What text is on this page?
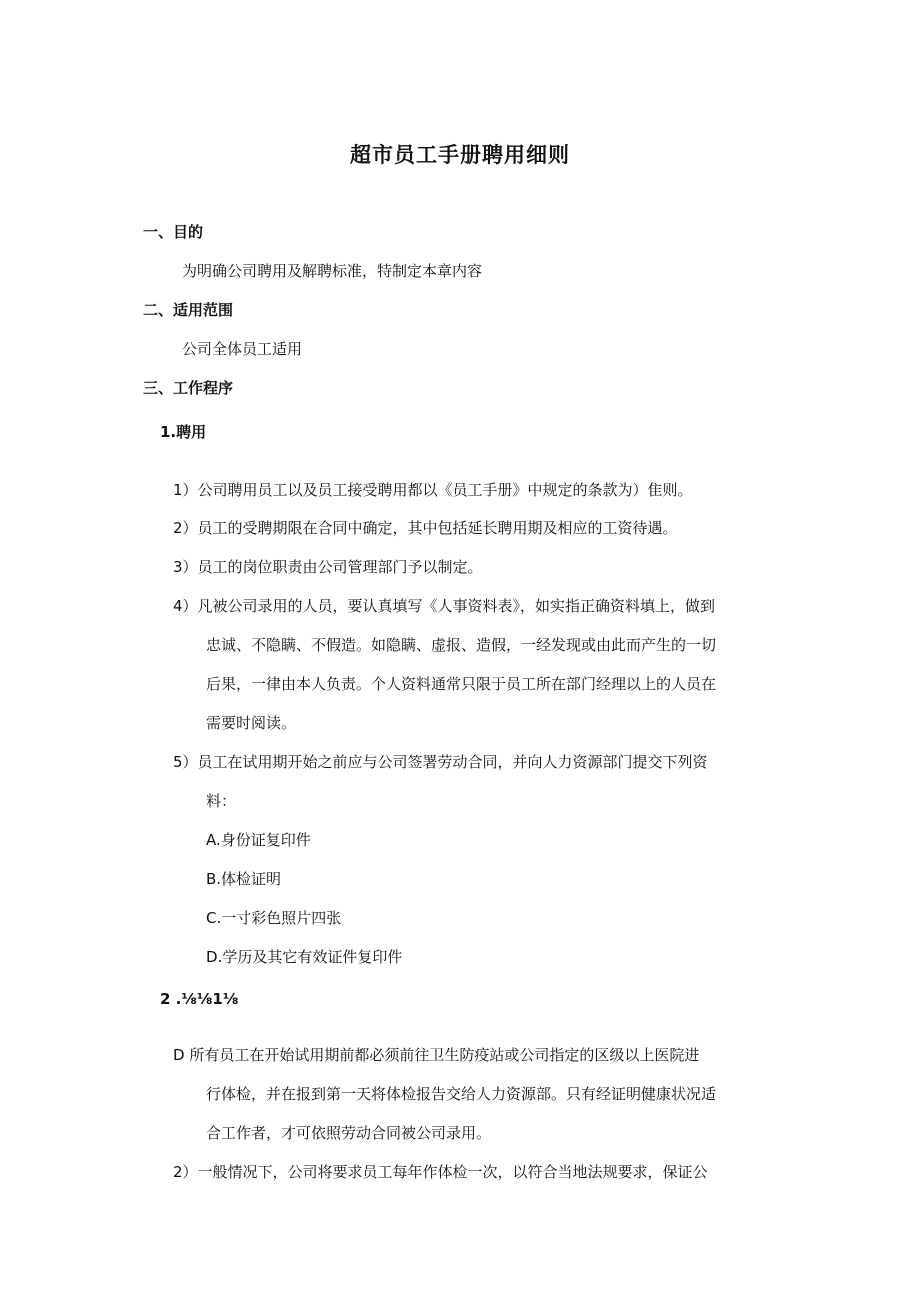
超市员工手册聘用细则
一、目的
为明确公司聘用及解聘标准，特制定本章内容
二、适用范围
公司全体员工适用
三、工作程序
1.聘用
1）公司聘用员工以及员工接受聘用都以《员工手册》中规定的条款为）隹则。
2）员工的受聘期限在合同中确定，其中包括延长聘用期及相应的工资待遇。
3）员工的岗位职责由公司管理部门予以制定。
4）凡被公司录用的人员，要认真填写《人事资料表》，如实指正确资料填上，做到
忠诚、不隐瞒、不假造。如隐瞒、虚报、造假，一经发现或由此而产生的一切
后果，一律由本人负责。个人资料通常只限于员工所在部门经理以上的人员在
需要时阅读。
5）员工在试用期开始之前应与公司签署劳动合同，并向人力资源部门提交下列资
料：
A.身份证复印件
B.体检证明
C.一寸彩色照片四张
D.学历及其它有效证件复印件
2 .⅛⅛1⅛
D 所有员工在开始试用期前都必须前往卫生防疫站或公司指定的区级以上医院进
行体检，并在报到第一天将体检报告交给人力资源部。只有经证明健康状况适
合工作者，才可依照劳动合同被公司录用。
2）一般情况下，公司将要求员工每年作体检一次，以符合当地法规要求，保证公
